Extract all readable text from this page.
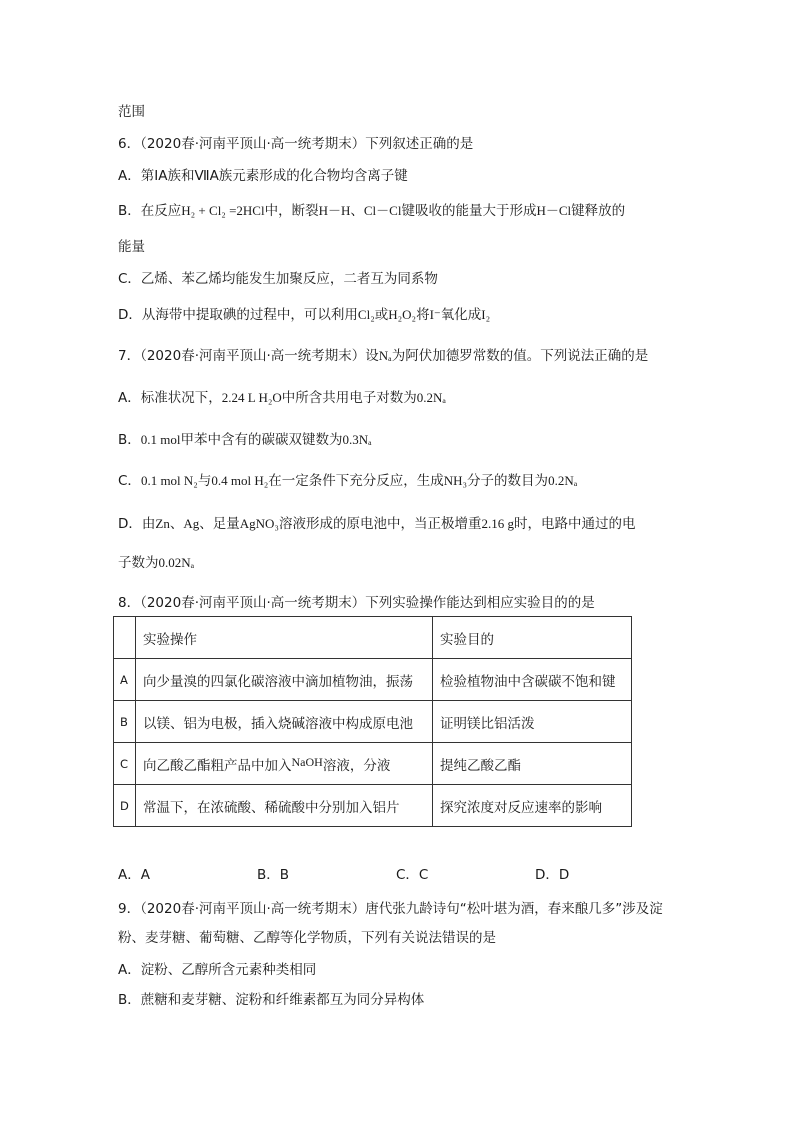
范围
6．（2020春·河南平顶山·高一统考期末）下列叙述正确的是
A．第ⅠA族和ⅦA族元素形成的化合物均含离子键
B．在反应H₂ + Cl₂ =2HCl中，断裂H－H、Cl－Cl键吸收的能量大于形成H－Cl键释放的
能量
C．乙烯、苯乙烯均能发生加聚反应，二者互为同系物
D．从海带中提取碘的过程中，可以利用Cl₂或H₂O₂将I⁻氧化成I₂
7．（2020春·河南平顶山·高一统考期末）设Nₐ为阿伏加德罗常数的值。下列说法正确的是
A．标准状况下，2.24 L H₂O中所含共用电子对数为0.2Nₐ
B．0.1 mol甲苯中含有的碳碳双键数为0.3Nₐ
C．0.1 mol N₂与0.4 mol H₂在一定条件下充分反应，生成NH₃分子的数目为0.2Nₐ
D．由Zn、Ag、足量AgNO₃溶液形成的原电池中，当正极增重2.16 g时，电路中通过的电
子数为0.02Nₐ
8．（2020春·河南平顶山·高一统考期末）下列实验操作能达到相应实验目的的是
	实验操作	实验目的
A	向少量溴的四氯化碳溶液中滴加植物油，振荡	检验植物油中含碳碳不饱和键
B	以镁、铝为电极，插入烧碱溶液中构成原电池	证明镁比铝活泼
C	向乙酸乙酯粗产品中加入$^{NaOH}$溶液，分液	提纯乙酸乙酯
D	常温下，在浓硫酸、稀硫酸中分别加入铝片	探究浓度对反应速率的影响
A．A	B．B	C．C	D．D
9．（2020春·河南平顶山·高一统考期末）唐代张九龄诗句“松叶堪为酒，春来酿几多”涉及淀
粉、麦芽糖、葡萄糖、乙醇等化学物质，下列有关说法错误的是
A．淀粉、乙醇所含元素种类相同
B．蔗糖和麦芽糖、淀粉和纤维素都互为同分异构体
